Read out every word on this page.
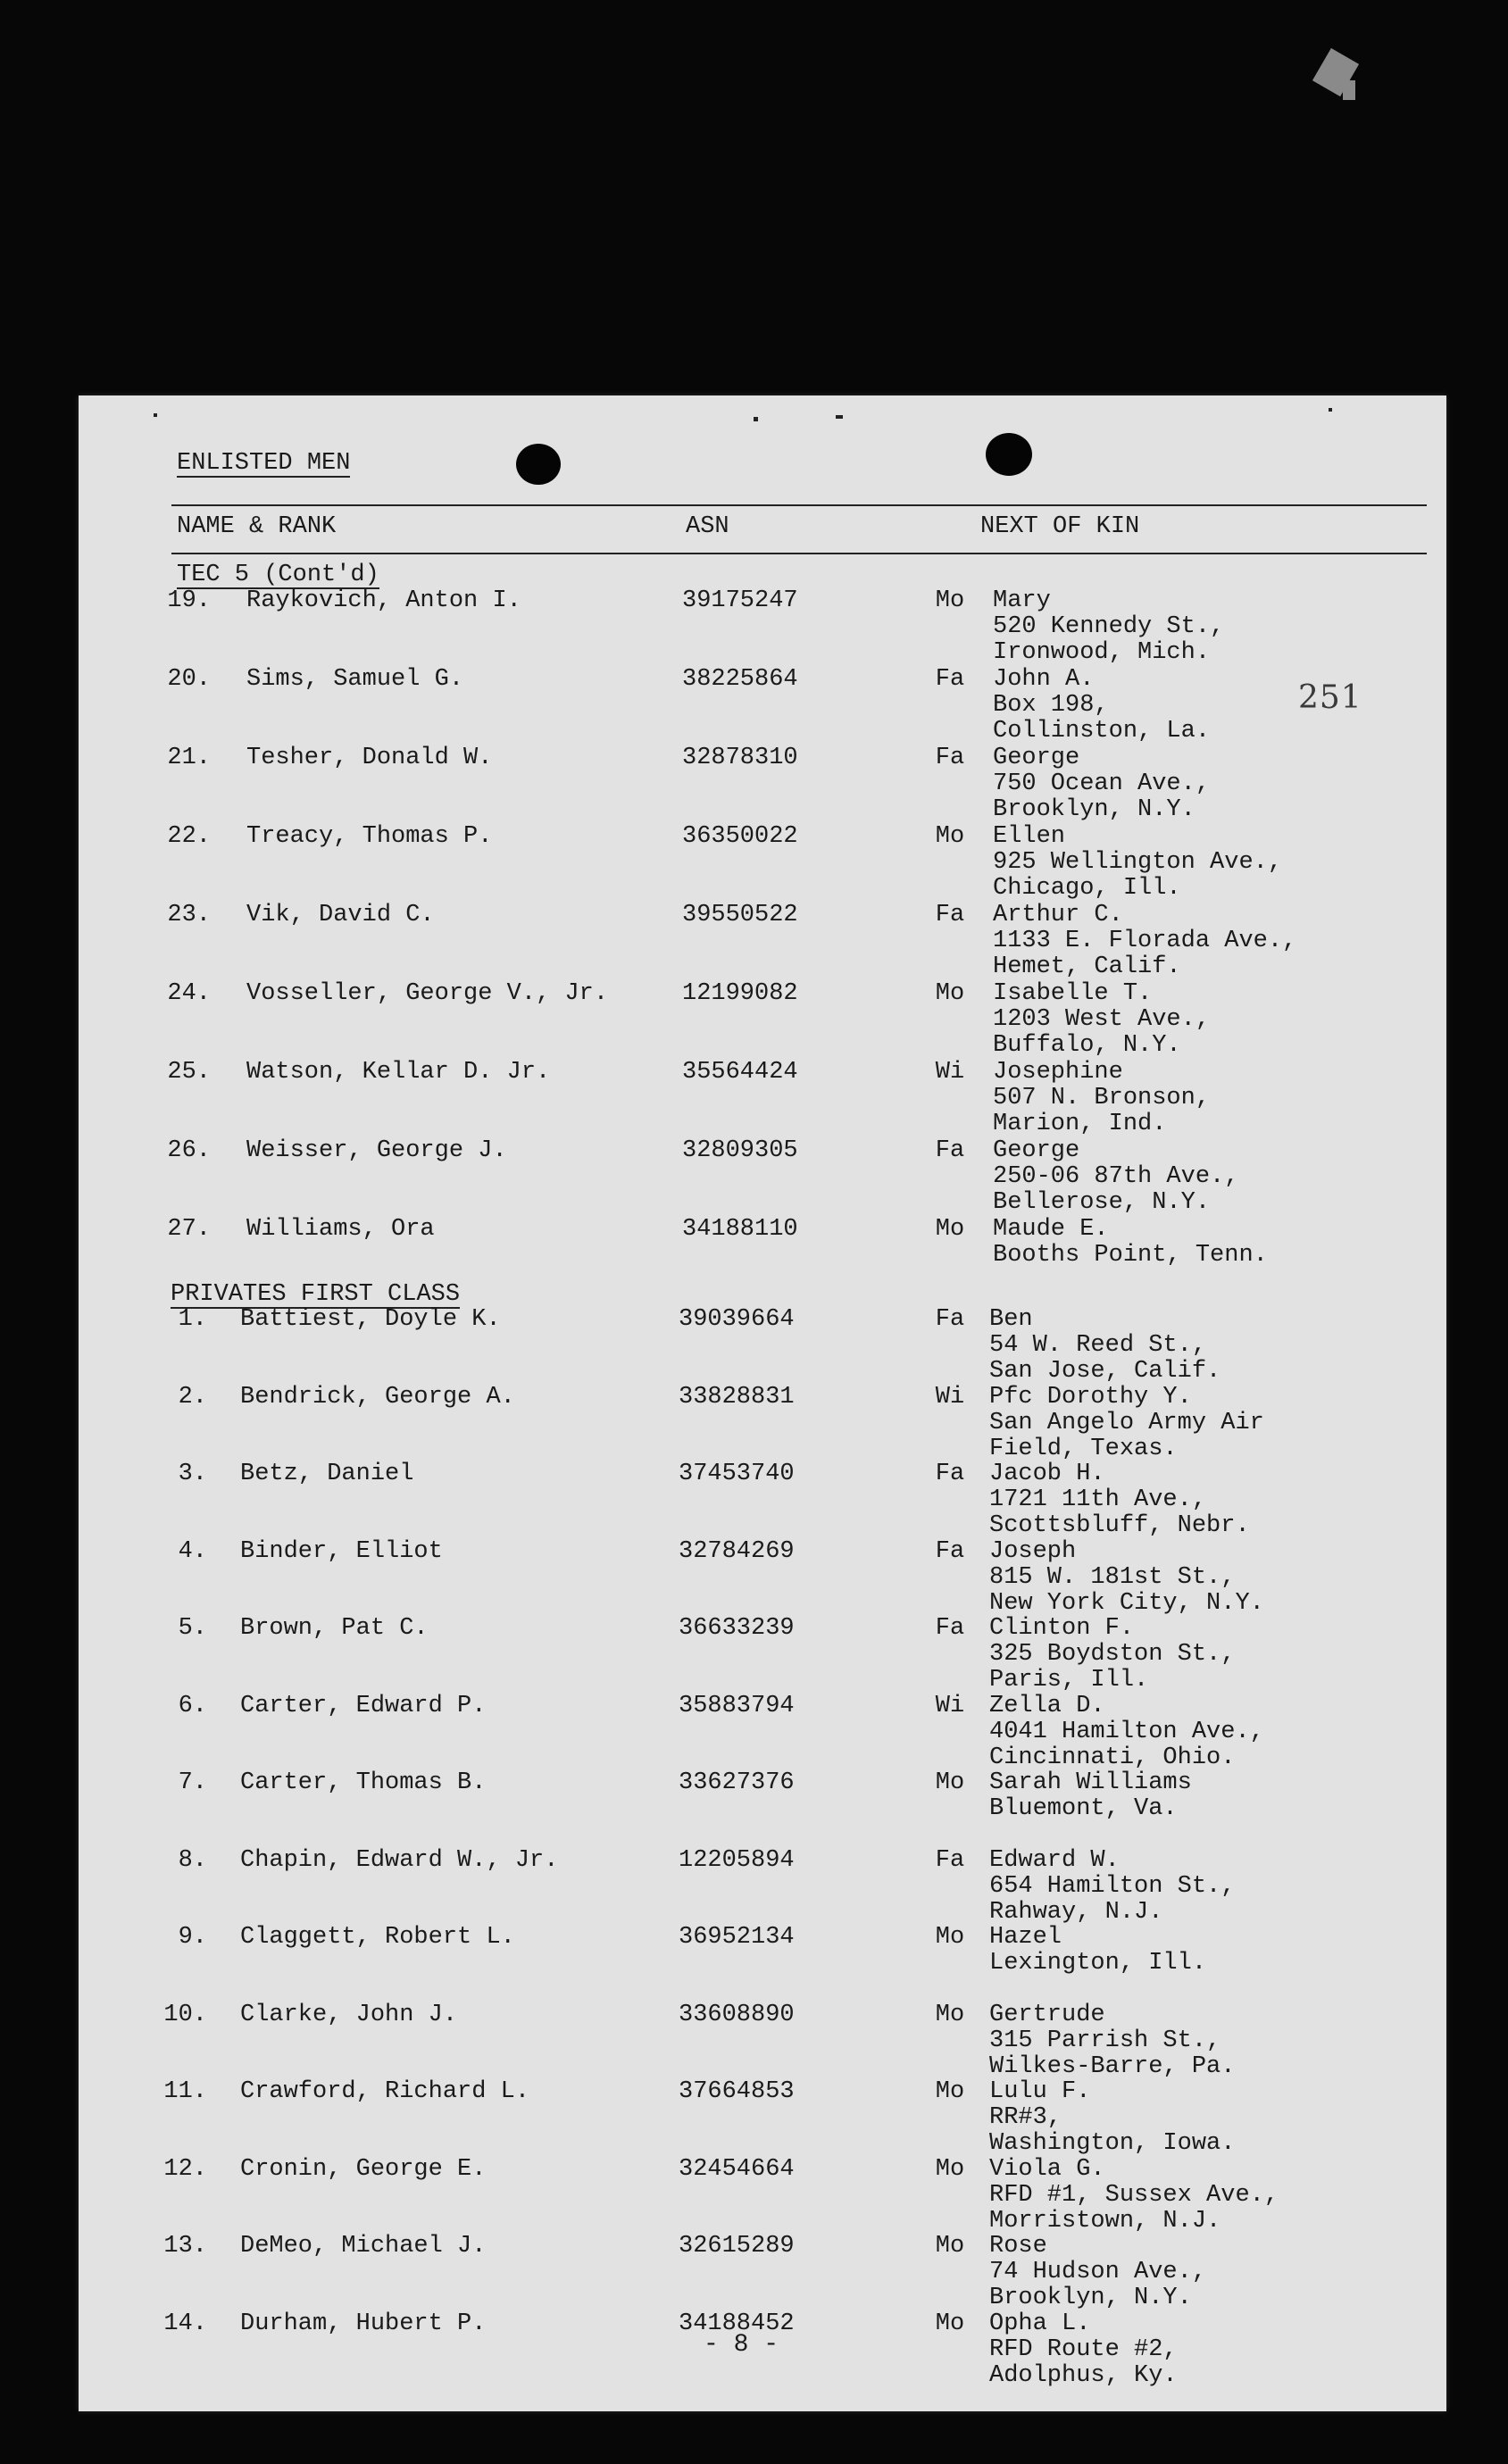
ENLISTED MEN
NAME & RANK	ASN	NEXT OF KIN
251
TEC 5 (Cont'd)
19. Raykovich, Anton I.	39175247	Mo	Mary
520 Kennedy St.,
Ironwood, Mich.
20. Sims, Samuel G.	38225864	Fa	John A.
Box 198,
Collinston, La.
21. Tesher, Donald W.	32878310	Fa	George
750 Ocean Ave.,
Brooklyn, N.Y.
22. Treacy, Thomas P.	36350022	Mo	Ellen
925 Wellington Ave.,
Chicago, Ill.
23. Vik, David C.	39550522	Fa	Arthur C.
1133 E. Florada Ave.,
Hemet, Calif.
24. Vosseller, George V., Jr.	12199082	Mo	Isabelle T.
1203 West Ave.,
Buffalo, N.Y.
25. Watson, Kellar D. Jr.	35564424	Wi	Josephine
507 N. Bronson,
Marion, Ind.
26. Weisser, George J.	32809305	Fa	George
250-06 87th Ave.,
Bellerose, N.Y.
27. Williams, Ora	34188110	Mo	Maude E.
Booths Point, Tenn.
PRIVATES FIRST CLASS
1. Battiest, Doyle K.	39039664	Fa	Ben
54 W. Reed St.,
San Jose, Calif.
2. Bendrick, George A.	33828831	Wi	Pfc Dorothy Y.
San Angelo Army Air
Field, Texas.
3. Betz, Daniel	37453740	Fa	Jacob H.
1721 11th Ave.,
Scottsbluff, Nebr.
4. Binder, Elliot	32784269	Fa	Joseph
815 W. 181st St.,
New York City, N.Y.
5. Brown, Pat C.	36633239	Fa	Clinton F.
325 Boydston St.,
Paris, Ill.
6. Carter, Edward P.	35883794	Wi	Zella D.
4041 Hamilton Ave.,
Cincinnati, Ohio.
7. Carter, Thomas B.	33627376	Mo	Sarah Williams
Bluemont, Va.
8. Chapin, Edward W., Jr.	12205894	Fa	Edward W.
654 Hamilton St.,
Rahway, N.J.
9. Claggett, Robert L.	36952134	Mo	Hazel
Lexington, Ill.
10. Clarke, John J.	33608890	Mo	Gertrude
315 Parrish St.,
Wilkes-Barre, Pa.
11. Crawford, Richard L.	37664853	Mo	Lulu F.
RR#3,
Washington, Iowa.
12. Cronin, George E.	32454664	Mo	Viola G.
RFD #1, Sussex Ave.,
Morristown, N.J.
13. DeMeo, Michael J.	32615289	Mo	Rose
74 Hudson Ave.,
Brooklyn, N.Y.
14. Durham, Hubert P.	34188452	Mo	Opha L.
RFD Route #2,
Adolphus, Ky.
- 8 -
